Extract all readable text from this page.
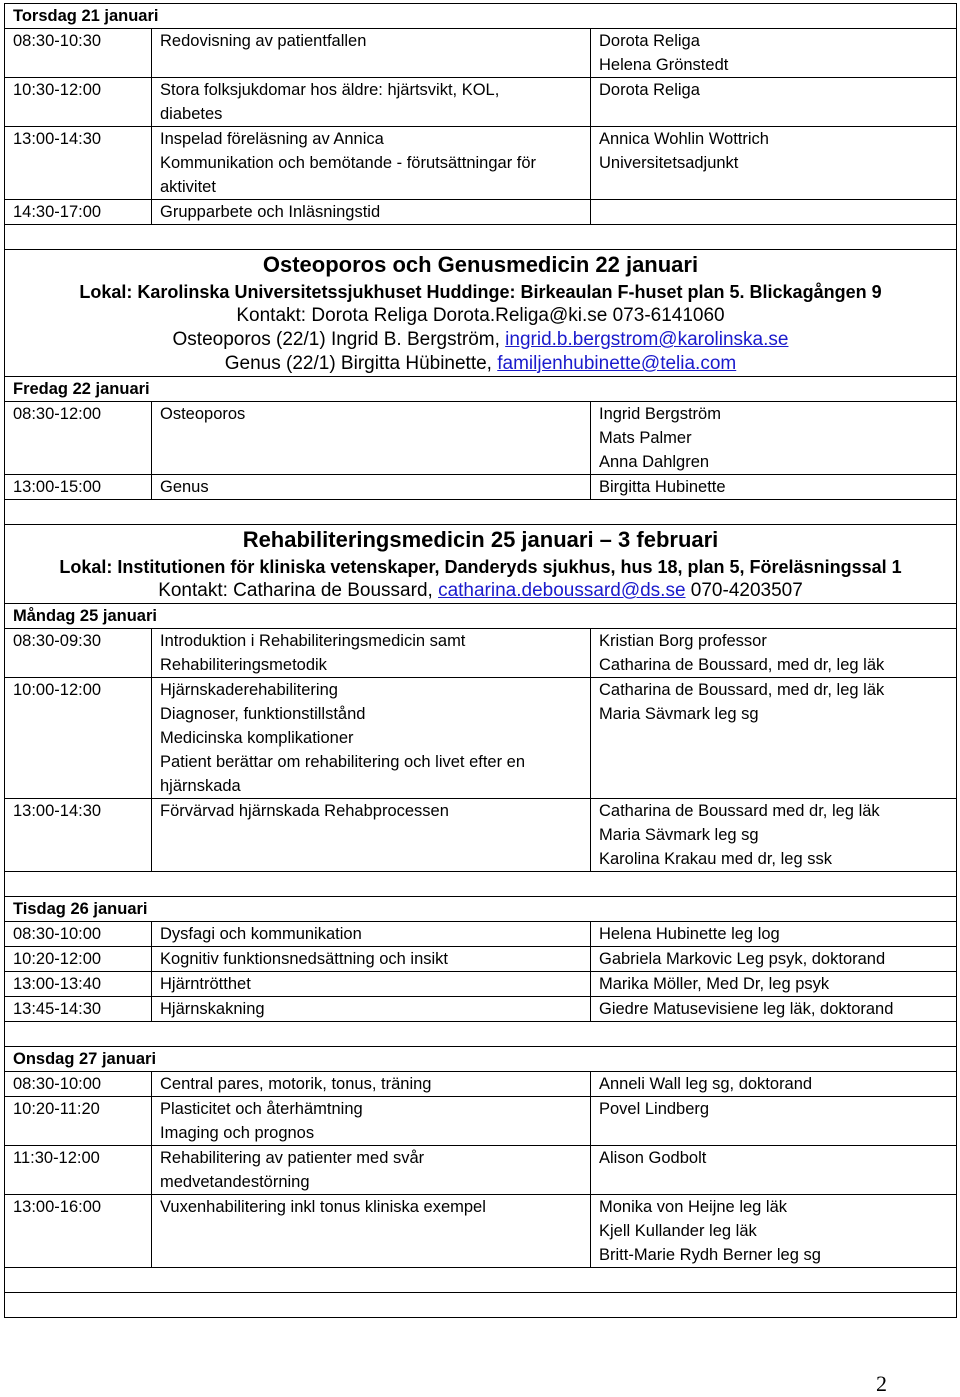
Torsdag 21 januari		
08:30-10:30	Redovisning av patientfallen	Dorota Religa
Helena Grönstedt

10:30-12:00	Stora folksjukdomar hos äldre: hjärtsvikt, KOL,
diabetes	Dorota Religa

13:00-14:30	Inspelad föreläsning av Annica
Kommunikation och bemötande - förutsättningar för
aktivitet	Annica Wohlin Wottrich
Universitetsadjunkt

14:30-17:00	Grupparbete och Inläsningstid	

Osteoporos och Genusmedicin 22 januari
Lokal: Karolinska Universitetssjukhuset Huddinge: Birkeaulan F-huset plan 5. Blickagången 9
Kontakt: Dorota Religa Dorota.Religa@ki.se 073-6141060
Osteoporos (22/1) Ingrid B. Bergström, ingrid.b.bergstrom@karolinska.se
Genus (22/1) Birgitta Hübinette, familjenhubinette@telia.com		

Fredag 22 januari		
08:30-12:00	Osteoporos	Ingrid Bergström
Mats Palmer
Anna Dahlgren

13:00-15:00	Genus	Birgitta Hubinette

Rehabiliteringsmedicin 25 januari – 3 februari
Lokal: Institutionen för kliniska vetenskaper, Danderyds sjukhus, hus 18, plan 5, Föreläsningssal 1
Kontakt: Catharina de Boussard, catharina.deboussard@ds.se 070-4203507		

Måndag 25 januari		
08:30-09:30	Introduktion i Rehabiliteringsmedicin samt
Rehabiliteringsmetodik	Kristian Borg professor
Catharina de Boussard, med dr, leg läk

10:00-12:00	Hjärnskaderehabilitering
Diagnoser, funktionstillstånd
Medicinska komplikationer
Patient berättar om rehabilitering och livet efter en
hjärnskada	Catharina de Boussard, med dr, leg läk
Maria Sävmark leg sg

13:00-14:30	Förvärvad hjärnskada Rehabprocessen	Catharina de Boussard med dr, leg läk
Maria Sävmark leg sg
Karolina Krakau med dr, leg ssk

Tisdag 26 januari		
08:30-10:00	Dysfagi och kommunikation	Helena Hubinette leg log

10:20-12:00	Kognitiv funktionsnedsättning och insikt	Gabriela Markovic Leg psyk, doktorand

13:00-13:40	Hjärntrötthet	Marika Möller, Med Dr, leg psyk

13:45-14:30	Hjärnskakning	Giedre Matusevisiene leg läk, doktorand

Onsdag 27 januari		
08:30-10:00	Central pares, motorik, tonus, träning	Anneli Wall leg sg, doktorand

10:20-11:20	Plasticitet och återhämtning
Imaging och prognos	Povel Lindberg

11:30-12:00	Rehabilitering av patienter med svår
medvetandestörning	Alison Godbolt

13:00-16:00	Vuxenhabilitering inkl tonus kliniska exempel	Monika von Heijne leg läk
Kjell Kullander leg läk
Britt-Marie Rydh Berner leg sg

2
